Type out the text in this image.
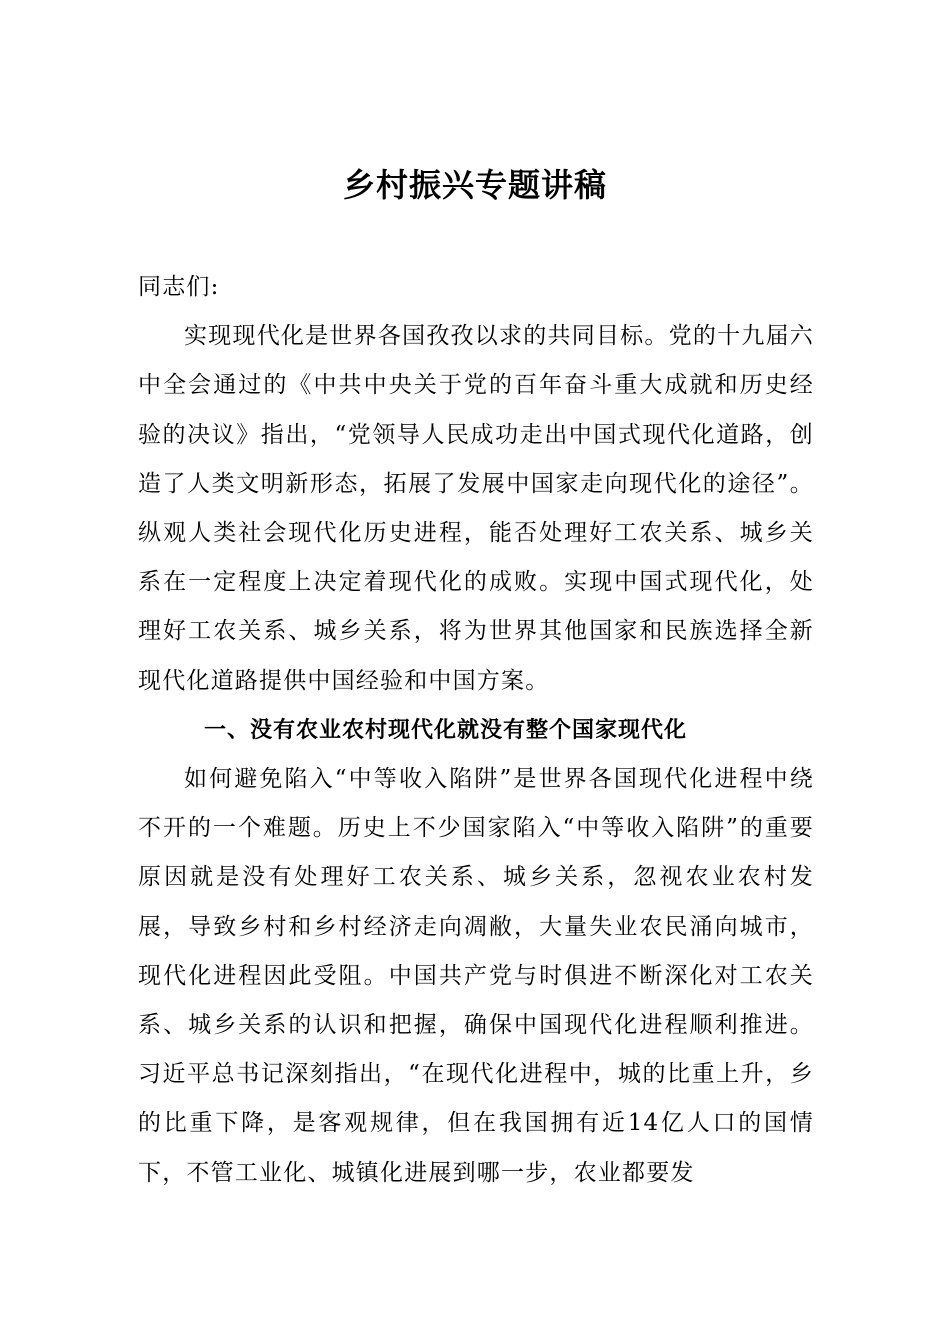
乡村振兴专题讲稿

同志们:

实现现代化是世界各国孜孜以求的共同目标。党的十九届六中全会通过的《中共中央关于党的百年奋斗重大成就和历史经验的决议》指出，“党领导人民成功走出中国式现代化道路，创造了人类文明新形态，拓展了发展中国家走向现代化的途径”。纵观人类社会现代化历史进程，能否处理好工农关系、城乡关系在一定程度上决定着现代化的成败。实现中国式现代化，处理好工农关系、城乡关系，将为世界其他国家和民族选择全新现代化道路提供中国经验和中国方案。

一、没有农业农村现代化就没有整个国家现代化

如何避免陷入“中等收入陷阱”是世界各国现代化进程中绕不开的一个难题。历史上不少国家陷入“中等收入陷阱”的重要原因就是没有处理好工农关系、城乡关系，忽视农业农村发展，导致乡村和乡村经济走向凋敝，大量失业农民涌向城市，现代化进程因此受阻。中国共产党与时俱进不断深化对工农关系、城乡关系的认识和把握，确保中国现代化进程顺利推进。习近平总书记深刻指出，“在现代化进程中，城的比重上升，乡的比重下降，是客观规律，但在我国拥有近14亿人口的国情下，不管工业化、城镇化进展到哪一步，农业都要发
